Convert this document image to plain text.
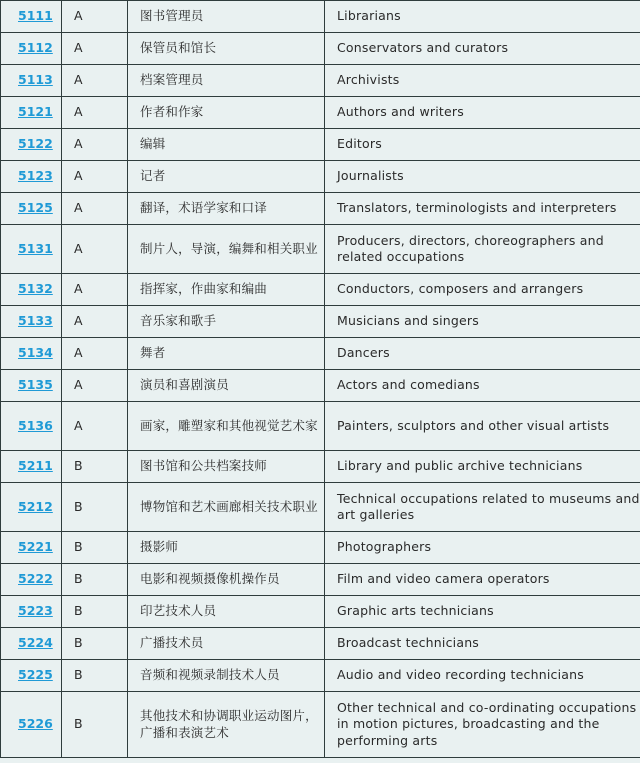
5111	A	图书管理员	Librarians
5112	A	保管员和馆长	Conservators and curators
5113	A	档案管理员	Archivists
5121	A	作者和作家	Authors and writers
5122	A	编辑	Editors
5123	A	记者	Journalists
5125	A	翻译，术语学家和口译	Translators, terminologists and interpreters
5131	A	制片人，导演，编舞和相关职业	Producers, directors, choreographers and related occupations
5132	A	指挥家，作曲家和编曲	Conductors, composers and arrangers
5133	A	音乐家和歌手	Musicians and singers
5134	A	舞者	Dancers
5135	A	演员和喜剧演员	Actors and comedians
5136	A	画家，雕塑家和其他视觉艺术家	Painters, sculptors and other visual artists
5211	B	图书馆和公共档案技师	Library and public archive technicians
5212	B	博物馆和艺术画廊相关技术职业	Technical occupations related to museums and art galleries
5221	B	摄影师	Photographers
5222	B	电影和视频摄像机操作员	Film and video camera operators
5223	B	印艺技术人员	Graphic arts technicians
5224	B	广播技术员	Broadcast technicians
5225	B	音频和视频录制技术人员	Audio and video recording technicians
5226	B	其他技术和协调职业运动图片，广播和表演艺术	Other technical and co-ordinating occupations in motion pictures, broadcasting and the performing arts
